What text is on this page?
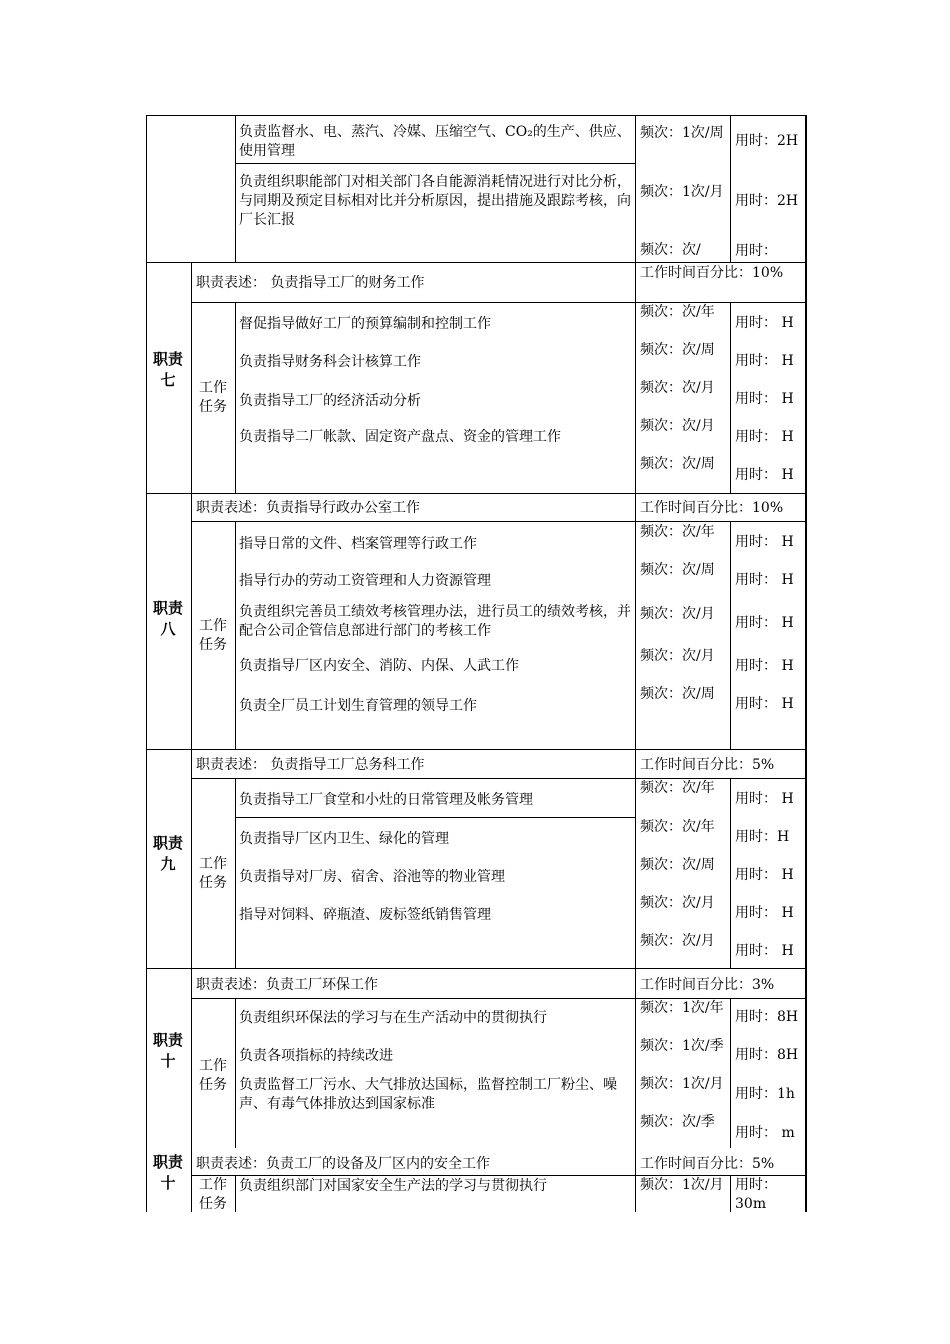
负责监督水、电、蒸汽、冷媒、压缩空气、CO₂的生产、供应、使用管理
频次：1次/周 用时：2H
负责组织职能部门对相关部门各自能源消耗情况进行对比分析，与同期及预定目标相对比并分析原因，提出措施及跟踪考核，向厂长汇报
频次：1次/月
用时：2H
频次：次/ 用时：
职责七
职责表述： 负责指导工厂的财务工作
工作时间百分比：10%
工作任务
督促指导做好工厂的预算编制和控制工作
频次：次/年
用时： H
负责指导财务科会计核算工作
频次：次/周
用时： H
负责指导工厂的经济活动分析
频次：次/月
用时： H
负责指导二厂帐款、固定资产盘点、资金的管理工作
频次：次/月
用时： H
频次：次/周
用时： H
职责八
职责表述：负责指导行政办公室工作	工作时间百分比：10%
工作任务
指导日常的文件、档案管理等行政工作
频次：次/年
用时： H
指导行办的劳动工资管理和人力资源管理
频次：次/周
用时： H
负责组织完善员工绩效考核管理办法，进行员工的绩效考核，并配合公司企管信息部进行部门的考核工作
频次：次/月
用时： H
负责指导厂区内安全、消防、内保、人武工作
频次：次/月
用时： H
负责全厂员工计划生育管理的领导工作
频次：次/周
用时： H
职责九
职责表述： 负责指导工厂总务科工作	工作时间百分比：5%
工作任务
负责指导工厂食堂和小灶的日常管理及帐务管理
频次：次/年
用时： H
负责指导厂区内卫生、绿化的管理
频次：次/年
用时：H
负责指导对厂房、宿舍、浴池等的物业管理
频次：次/周
用时： H
指导对饲料、碎瓶渣、废标签纸销售管理
频次：次/月
用时： H
频次：次/月
用时： H
职责十
职责表述：负责工厂环保工作	工作时间百分比：3%
工作任务
负责组织环保法的学习与在生产活动中的贯彻执行
频次：1次/年
用时：8H
负责各项指标的持续改进
频次：1次/季
用时：8H
负责监督工厂污水、大气排放达国标，监督控制工厂粉尘、噪声、有毒气体排放达到国家标准
频次：1次/月
用时：1h
频次：次/季
用时： m
职责十
职责表述：负责工厂的设备及厂区内的安全工作	工作时间百分比：5%
工作任务
负责组织部门对国家安全生产法的学习与贯彻执行	频次：1次/月 用时：30m
